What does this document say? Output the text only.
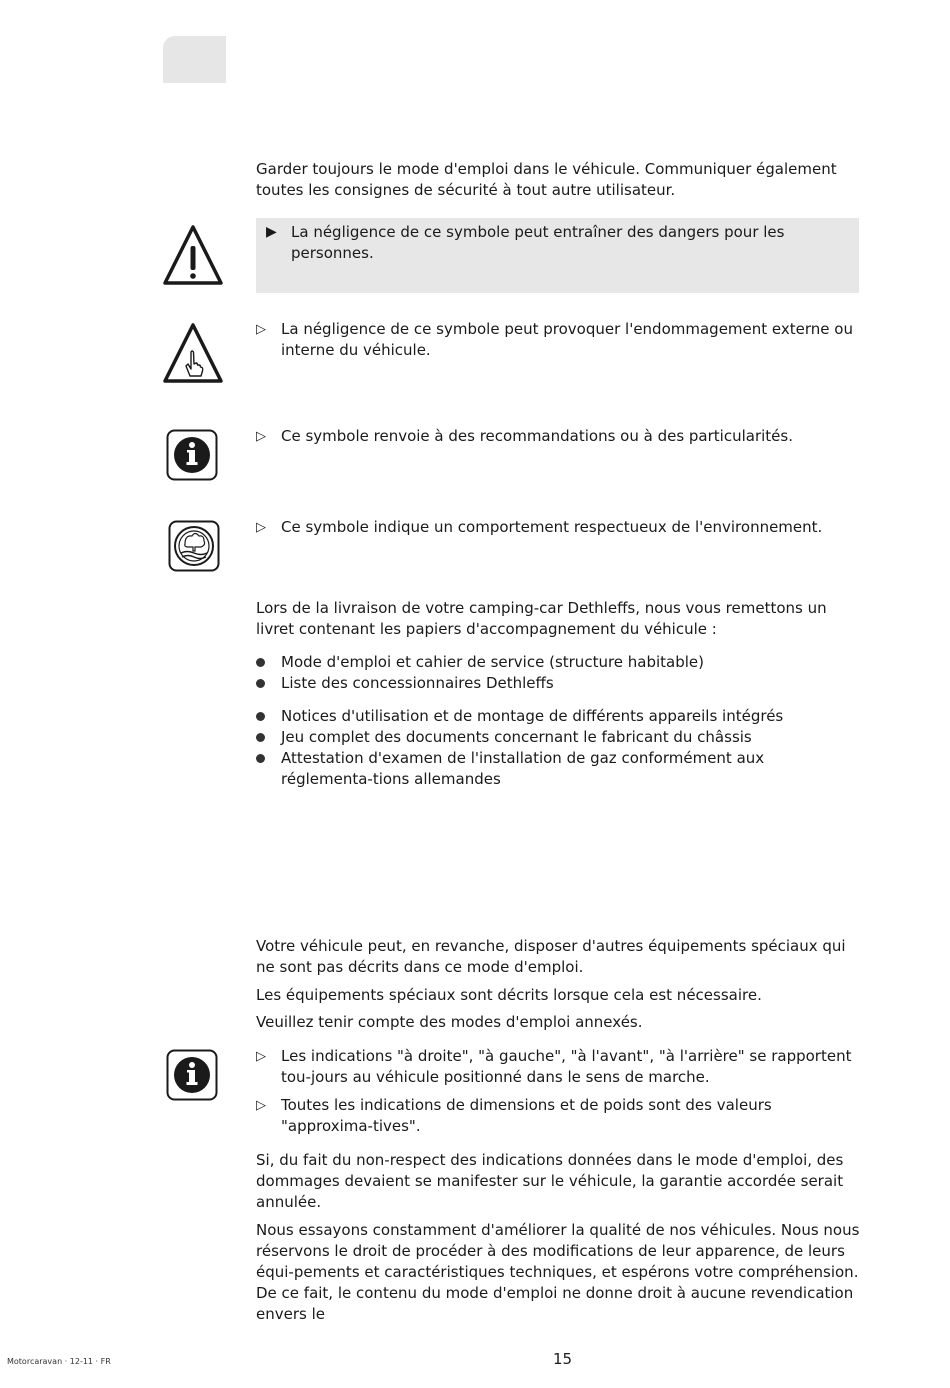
Garder toujours le mode d'emploi dans le véhicule. Communiquer également toutes les consignes de sécurité à tout autre utilisateur.

▶ La négligence de ce symbole peut entraîner des dangers pour les personnes.
▷	La négligence de ce symbole peut provoquer l'endommagement externe ou interne du véhicule.
▷	Ce symbole renvoie à des recommandations ou à des particularités.
▷	Ce symbole indique un comportement respectueux de l'environnement.

Lors de la livraison de votre camping-car Dethleffs, nous vous remettons un livret contenant les papiers d'accompagnement du véhicule :

Mode d'emploi et cahier de service (structure habitable)
Liste des concessionnaires Dethleffs
Notices d'utilisation et de montage de différents appareils intégrés
Jeu complet des documents concernant le fabricant du châssis
Attestation d'examen de l'installation de gaz conformément aux réglementa-tions allemandes

Votre véhicule peut, en revanche, disposer d'autres équipements spéciaux qui ne sont pas décrits dans ce mode d'emploi.

Les équipements spéciaux sont décrits lorsque cela est nécessaire.

Veuillez tenir compte des modes d'emploi annexés.

▷	Les indications "à droite", "à gauche", "à l'avant", "à l'arrière" se rapportent tou-jours au véhicule positionné dans le sens de marche.
▷	Toutes les indications de dimensions et de poids sont des valeurs "approxima-tives".

Si, du fait du non-respect des indications données dans le mode d'emploi, des dommages devaient se manifester sur le véhicule, la garantie accordée serait annulée.

Nous essayons constamment d'améliorer la qualité de nos véhicules. Nous nous réservons le droit de procéder à des modifications de leur apparence, de leurs équi-pements et caractéristiques techniques, et espérons votre compréhension. De ce fait, le contenu du mode d'emploi ne donne droit à aucune revendication envers le

Motorcaravan · 12-11 · FR	15
